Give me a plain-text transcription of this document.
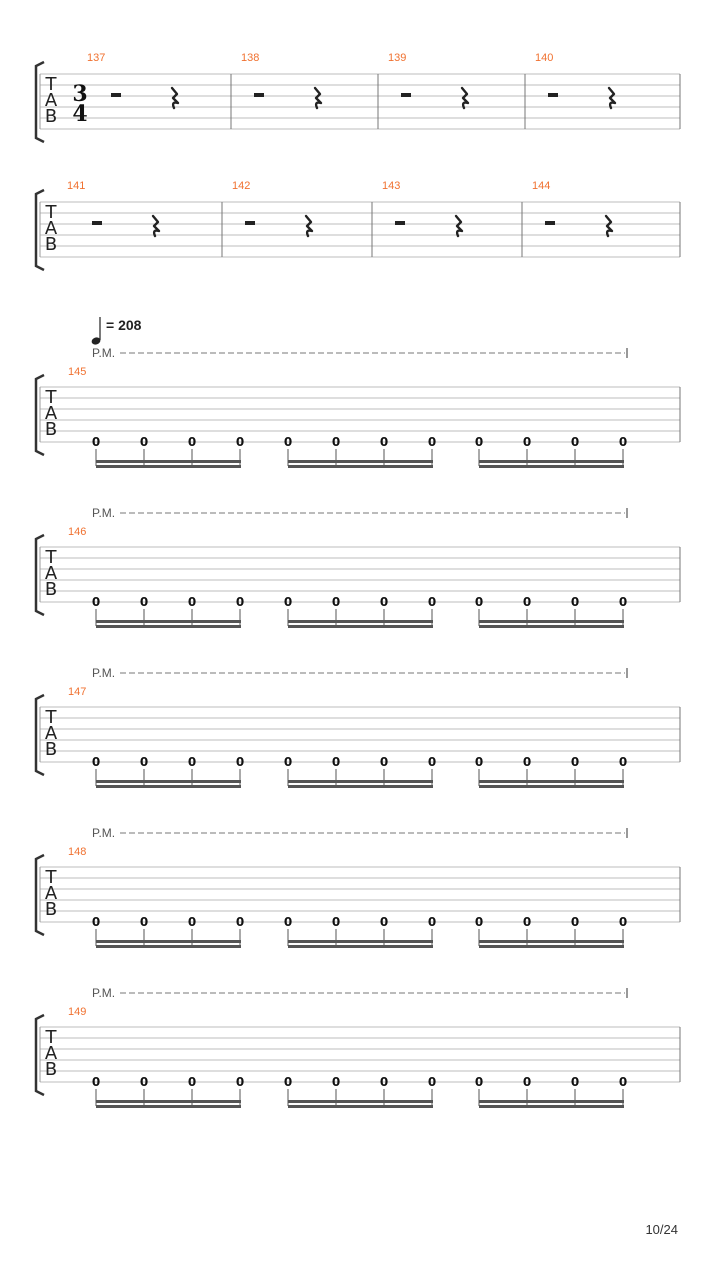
T
A
B
3
4
137	138	139	140
T
A
B
141	142	143	144
T
A
B
145
P.M.
= 208
0	0	0	0	0	0	0	0	0	0	0	0
T
A
B
146
P.M.
0	0	0	0	0	0	0	0	0	0	0	0
T
A
B
147
P.M.
0	0	0	0	0	0	0	0	0	0	0	0
T
A
B
148
P.M.
0	0	0	0	0	0	0	0	0	0	0	0
T
A
B
149
P.M.
0	0	0	0	0	0	0	0	0	0	0	0
10/24
